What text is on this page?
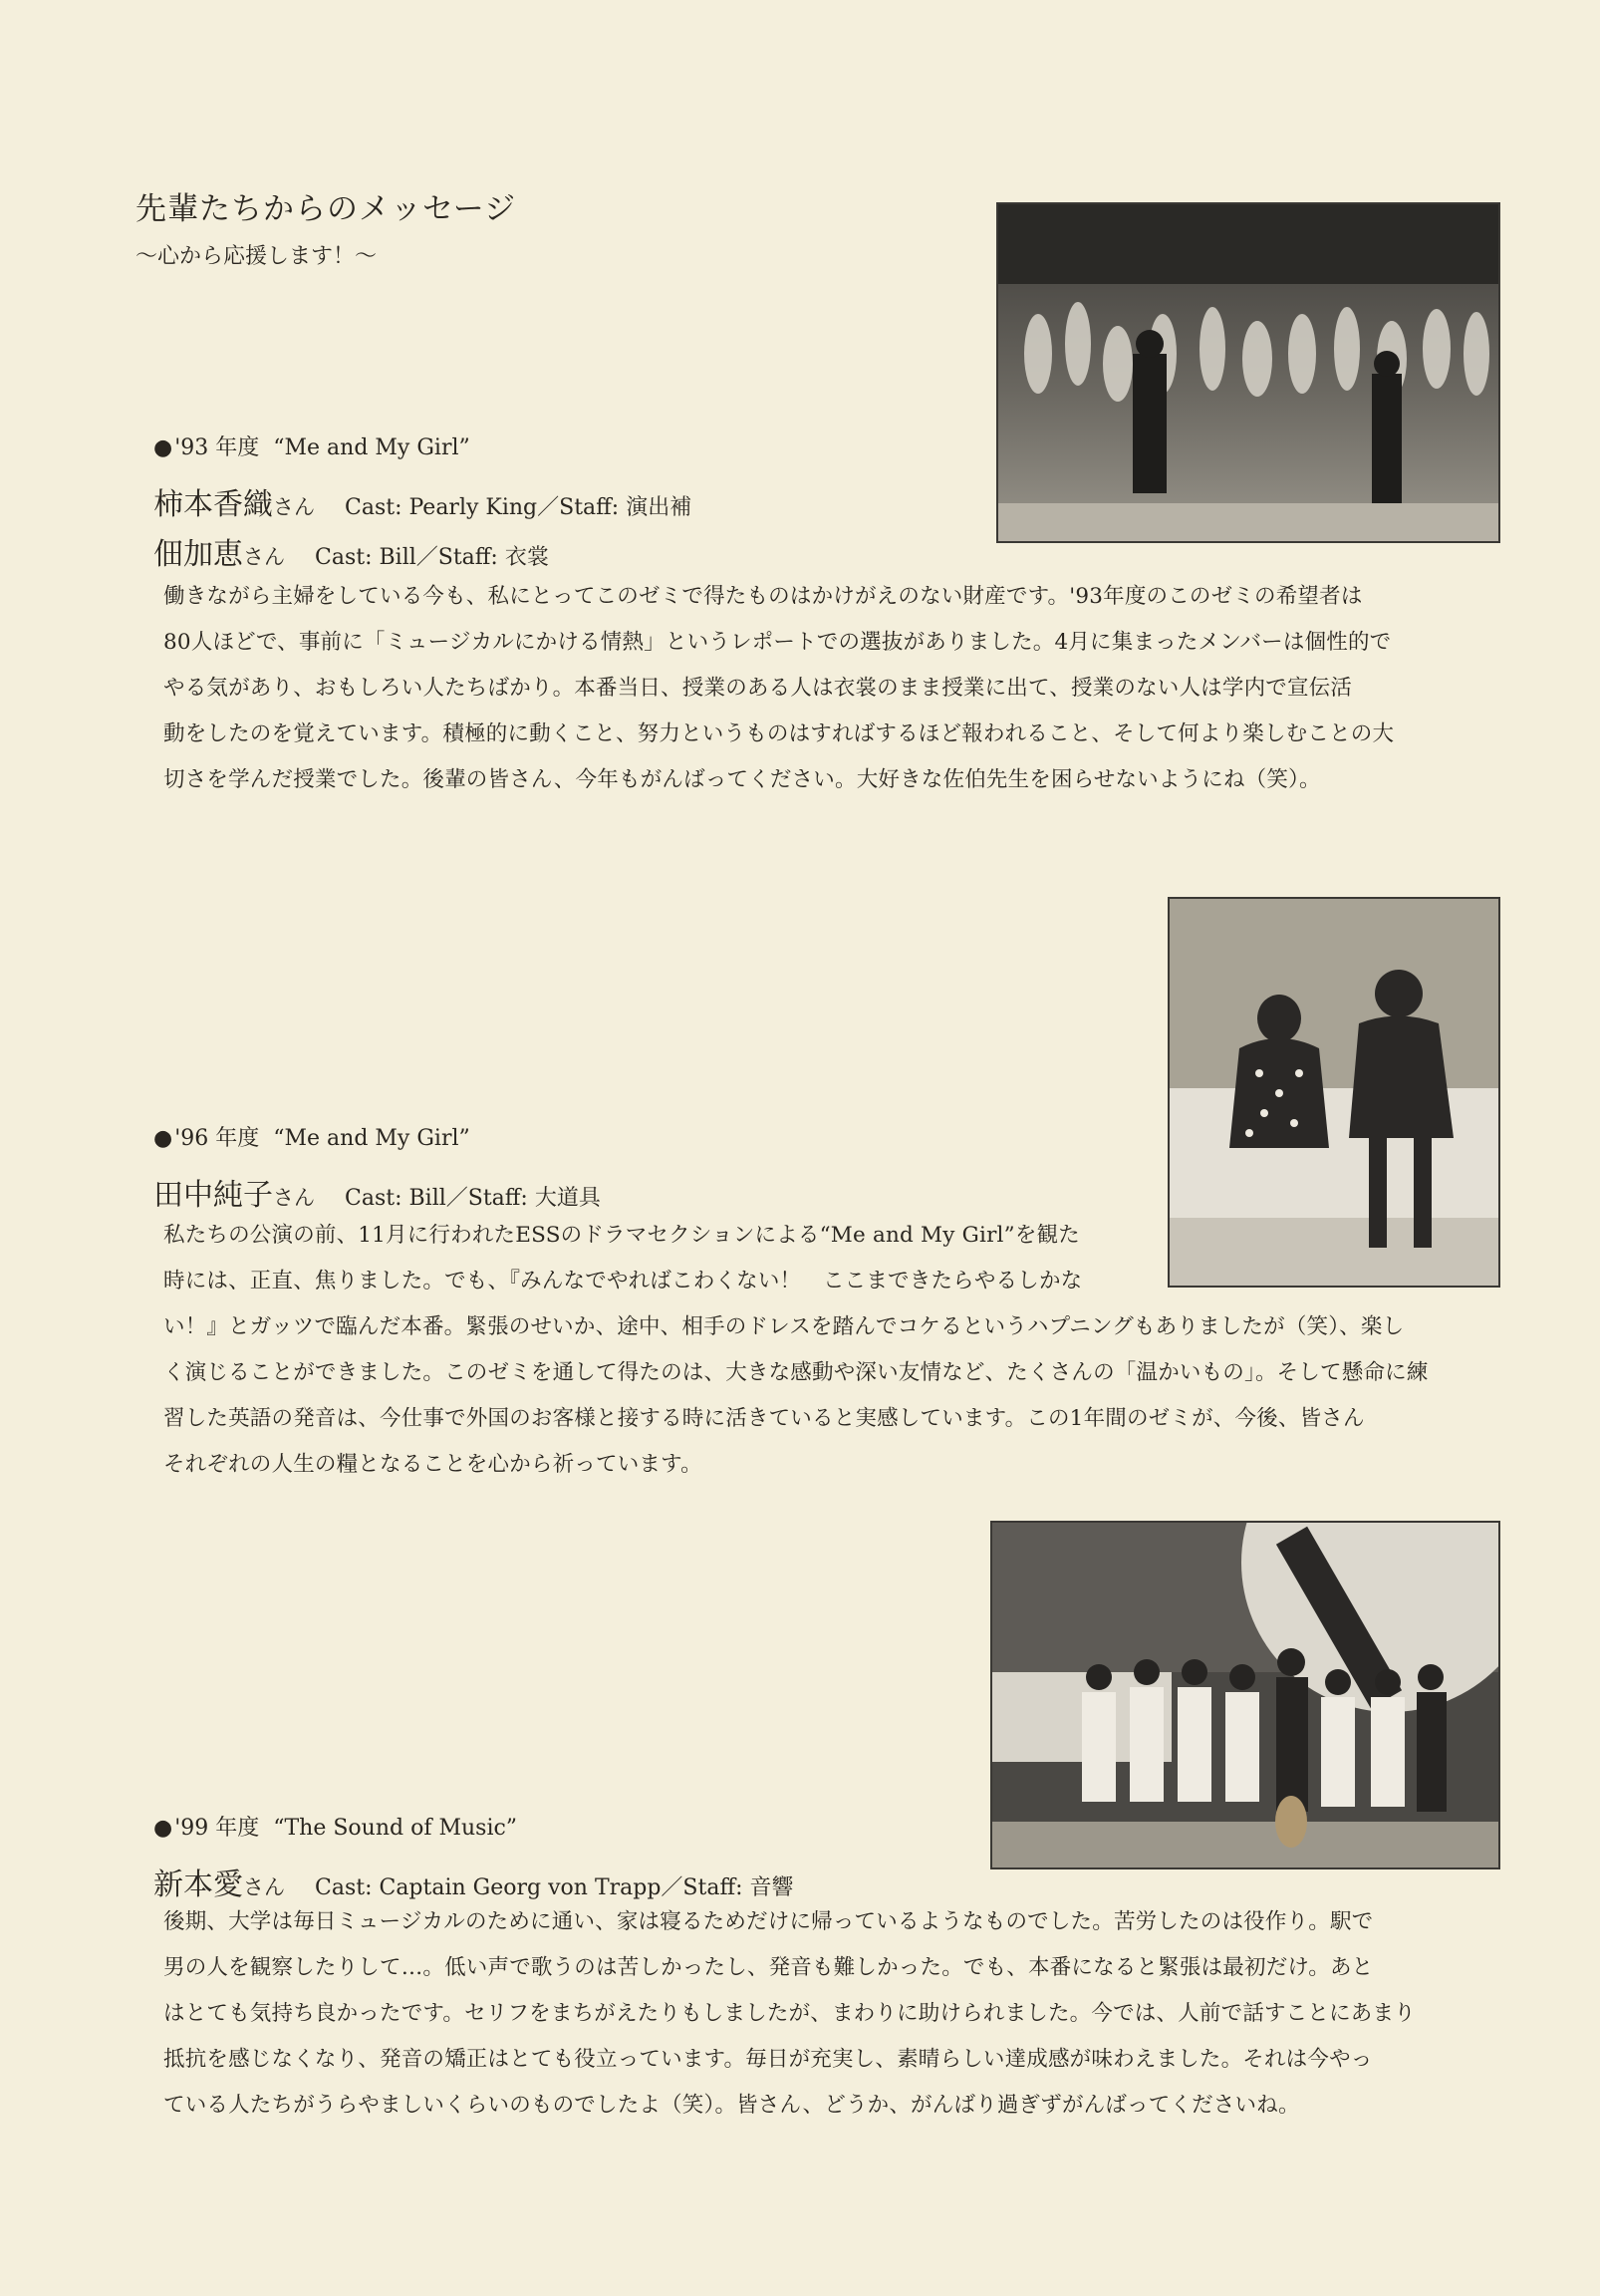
先輩たちからのメッセージ
～心から応援します！～
●'93 年度 “Me and My Girl”
柿本香織さん Cast: Pearly King／Staff: 演出補
佃加恵さん Cast: Bill／Staff: 衣裳
働きながら主婦をしている今も、私にとってこのゼミで得たものはかけがえのない財産です。'93年度のこのゼミの希望者は
80人ほどで、事前に「ミュージカルにかける情熱」というレポートでの選抜がありました。4月に集まったメンバーは個性的で
やる気があり、おもしろい人たちばかり。本番当日、授業のある人は衣裳のまま授業に出て、授業のない人は学内で宣伝活
動をしたのを覚えています。積極的に動くこと、努力というものはすればするほど報われること、そして何より楽しむことの大
切さを学んだ授業でした。後輩の皆さん、今年もがんばってください。大好きな佐伯先生を困らせないようにね（笑）。
●'96 年度 “Me and My Girl”
田中純子さん Cast: Bill／Staff: 大道具
私たちの公演の前、11月に行われたESSのドラマセクションによる“Me and My Girl”を観た
時には、正直、焦りました。でも、『みんなでやればこわくない！　ここまできたらやるしかな
い！』とガッツで臨んだ本番。緊張のせいか、途中、相手のドレスを踏んでコケるというハプニングもありましたが（笑）、楽し
く演じることができました。このゼミを通して得たのは、大きな感動や深い友情など、たくさんの「温かいもの」。そして懸命に練
習した英語の発音は、今仕事で外国のお客様と接する時に活きていると実感しています。この1年間のゼミが、今後、皆さん
それぞれの人生の糧となることを心から祈っています。
●'99 年度 “The Sound of Music”
新本愛さん Cast: Captain Georg von Trapp／Staff: 音響
後期、大学は毎日ミュージカルのために通い、家は寝るためだけに帰っているようなものでした。苦労したのは役作り。駅で
男の人を観察したりして…。低い声で歌うのは苦しかったし、発音も難しかった。でも、本番になると緊張は最初だけ。あと
はとても気持ち良かったです。セリフをまちがえたりもしましたが、まわりに助けられました。今では、人前で話すことにあまり
抵抗を感じなくなり、発音の矯正はとても役立っています。毎日が充実し、素晴らしい達成感が味わえました。それは今やっ
ている人たちがうらやましいくらいのものでしたよ（笑）。皆さん、どうか、がんばり過ぎずがんばってくださいね。
